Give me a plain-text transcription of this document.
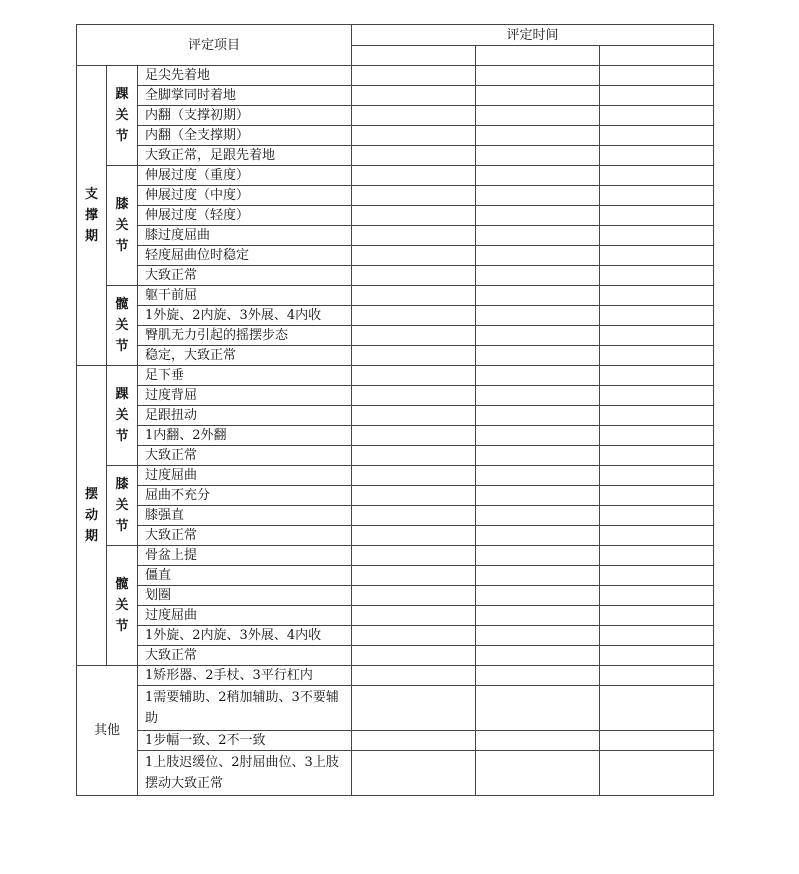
评定项目			评定时间		

支撑期	踝关节	足尖先着地			
		全脚掌同时着地			
		内翻（支撑初期）			
		内翻（全支撑期）			
		大致正常，足跟先着地			
	膝关节	伸展过度（重度）			
		伸展过度（中度）			
		伸展过度（轻度）			
		膝过度屈曲			
		轻度屈曲位时稳定			
		大致正常			
	髋关节	躯干前屈			
		1外旋、2内旋、3外展、4内收			
		臀肌无力引起的摇摆步态			
		稳定，大致正常			
摆动期	踝关节	足下垂			
		过度背屈			
		足跟扭动			
		1内翻、2外翻			
		大致正常			
	膝关节	过度屈曲			
		屈曲不充分			
		膝强直			
		大致正常			
	髋关节	骨盆上提			
		僵直			
		划圈			
		过度屈曲			
		1外旋、2内旋、3外展、4内收			
		大致正常			
其他		1矫形器、2手杖、3平行杠内			
		1需要辅助、2稍加辅助、3不要辅助			
		1步幅一致、2不一致			
		1上肢迟缓位、2肘屈曲位、3上肢摆动大致正常			
